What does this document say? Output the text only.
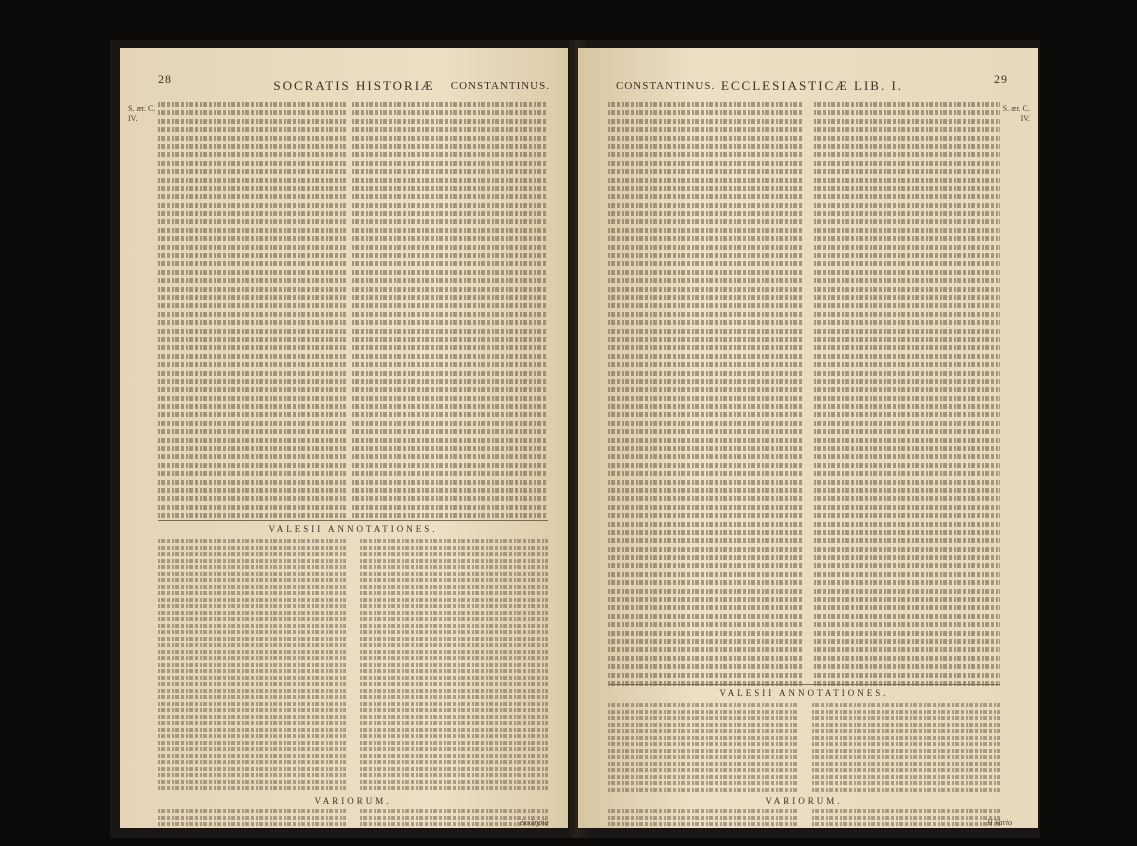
28	SOCRATIS HISTORIÆ	CONSTANTINUS.
S. ær. C.
IV.
VALESII ANNOTATIONES.
VARIORUM.
ἐκκλησία
CONSTANTINUS. ECCLESIASTICÆ LIB. I.	29
S. ær. C.
IV.
VALESII ANNOTATIONES.
VARIORUM.
H Vario
